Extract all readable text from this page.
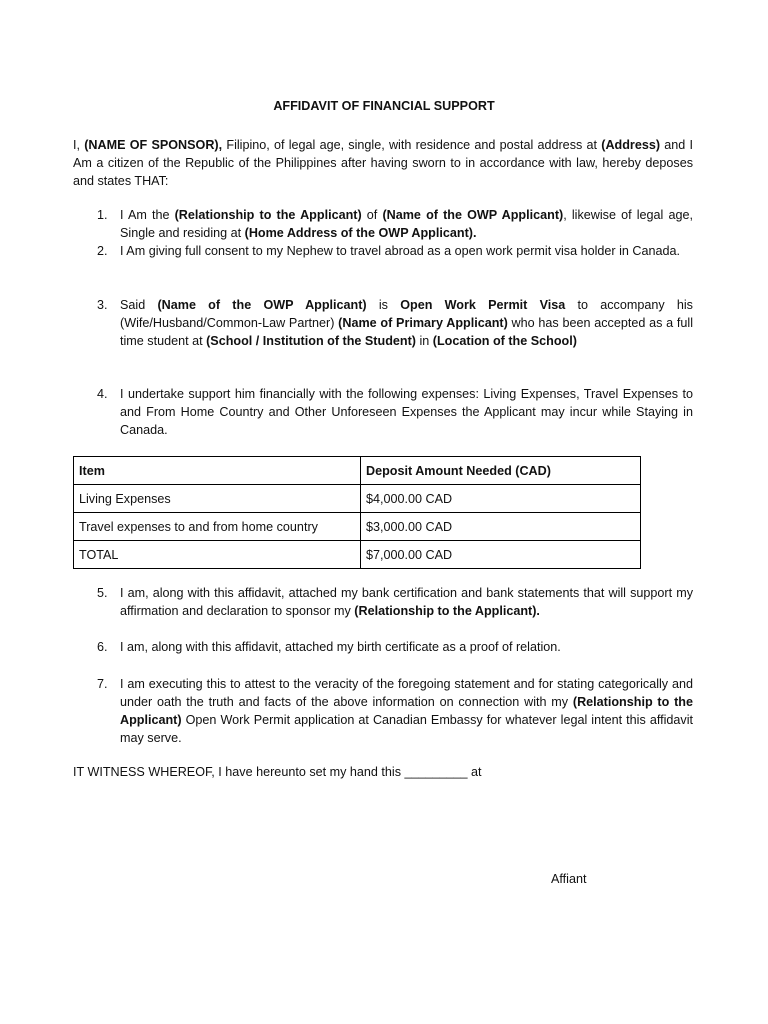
AFFIDAVIT OF FINANCIAL SUPPORT
I, (NAME OF SPONSOR), Filipino, of legal age, single, with residence and postal address at (Address) and I Am a citizen of the Republic of the Philippines after having sworn to in accordance with law, hereby deposes and states THAT:
1. I Am the (Relationship to the Applicant) of (Name of the OWP Applicant), likewise of legal age, Single and residing at (Home Address of the OWP Applicant).
2. I Am giving full consent to my Nephew to travel abroad as a open work permit visa holder in Canada.
3. Said (Name of the OWP Applicant) is Open Work Permit Visa to accompany his (Wife/Husband/Common-Law Partner) (Name of Primary Applicant) who has been accepted as a full time student at (School / Institution of the Student) in (Location of the School)
4. I undertake support him financially with the following expenses: Living Expenses, Travel Expenses to and From Home Country and Other Unforeseen Expenses the Applicant may incur while Staying in Canada.
Item	Deposit Amount Needed (CAD)
Living Expenses	$4,000.00 CAD
Travel expenses to and from home country	$3,000.00 CAD
TOTAL	$7,000.00 CAD
5. I am, along with this affidavit, attached my bank certification and bank statements that will support my affirmation and declaration to sponsor my (Relationship to the Applicant).
6. I am, along with this affidavit, attached my birth certificate as a proof of relation.
7. I am executing this to attest to the veracity of the foregoing statement and for stating categorically and under oath the truth and facts of the above information on connection with my (Relationship to the Applicant) Open Work Permit application at Canadian Embassy for whatever legal intent this affidavit may serve.
IT WITNESS WHEREOF, I have hereunto set my hand this _________ at
Affiant
